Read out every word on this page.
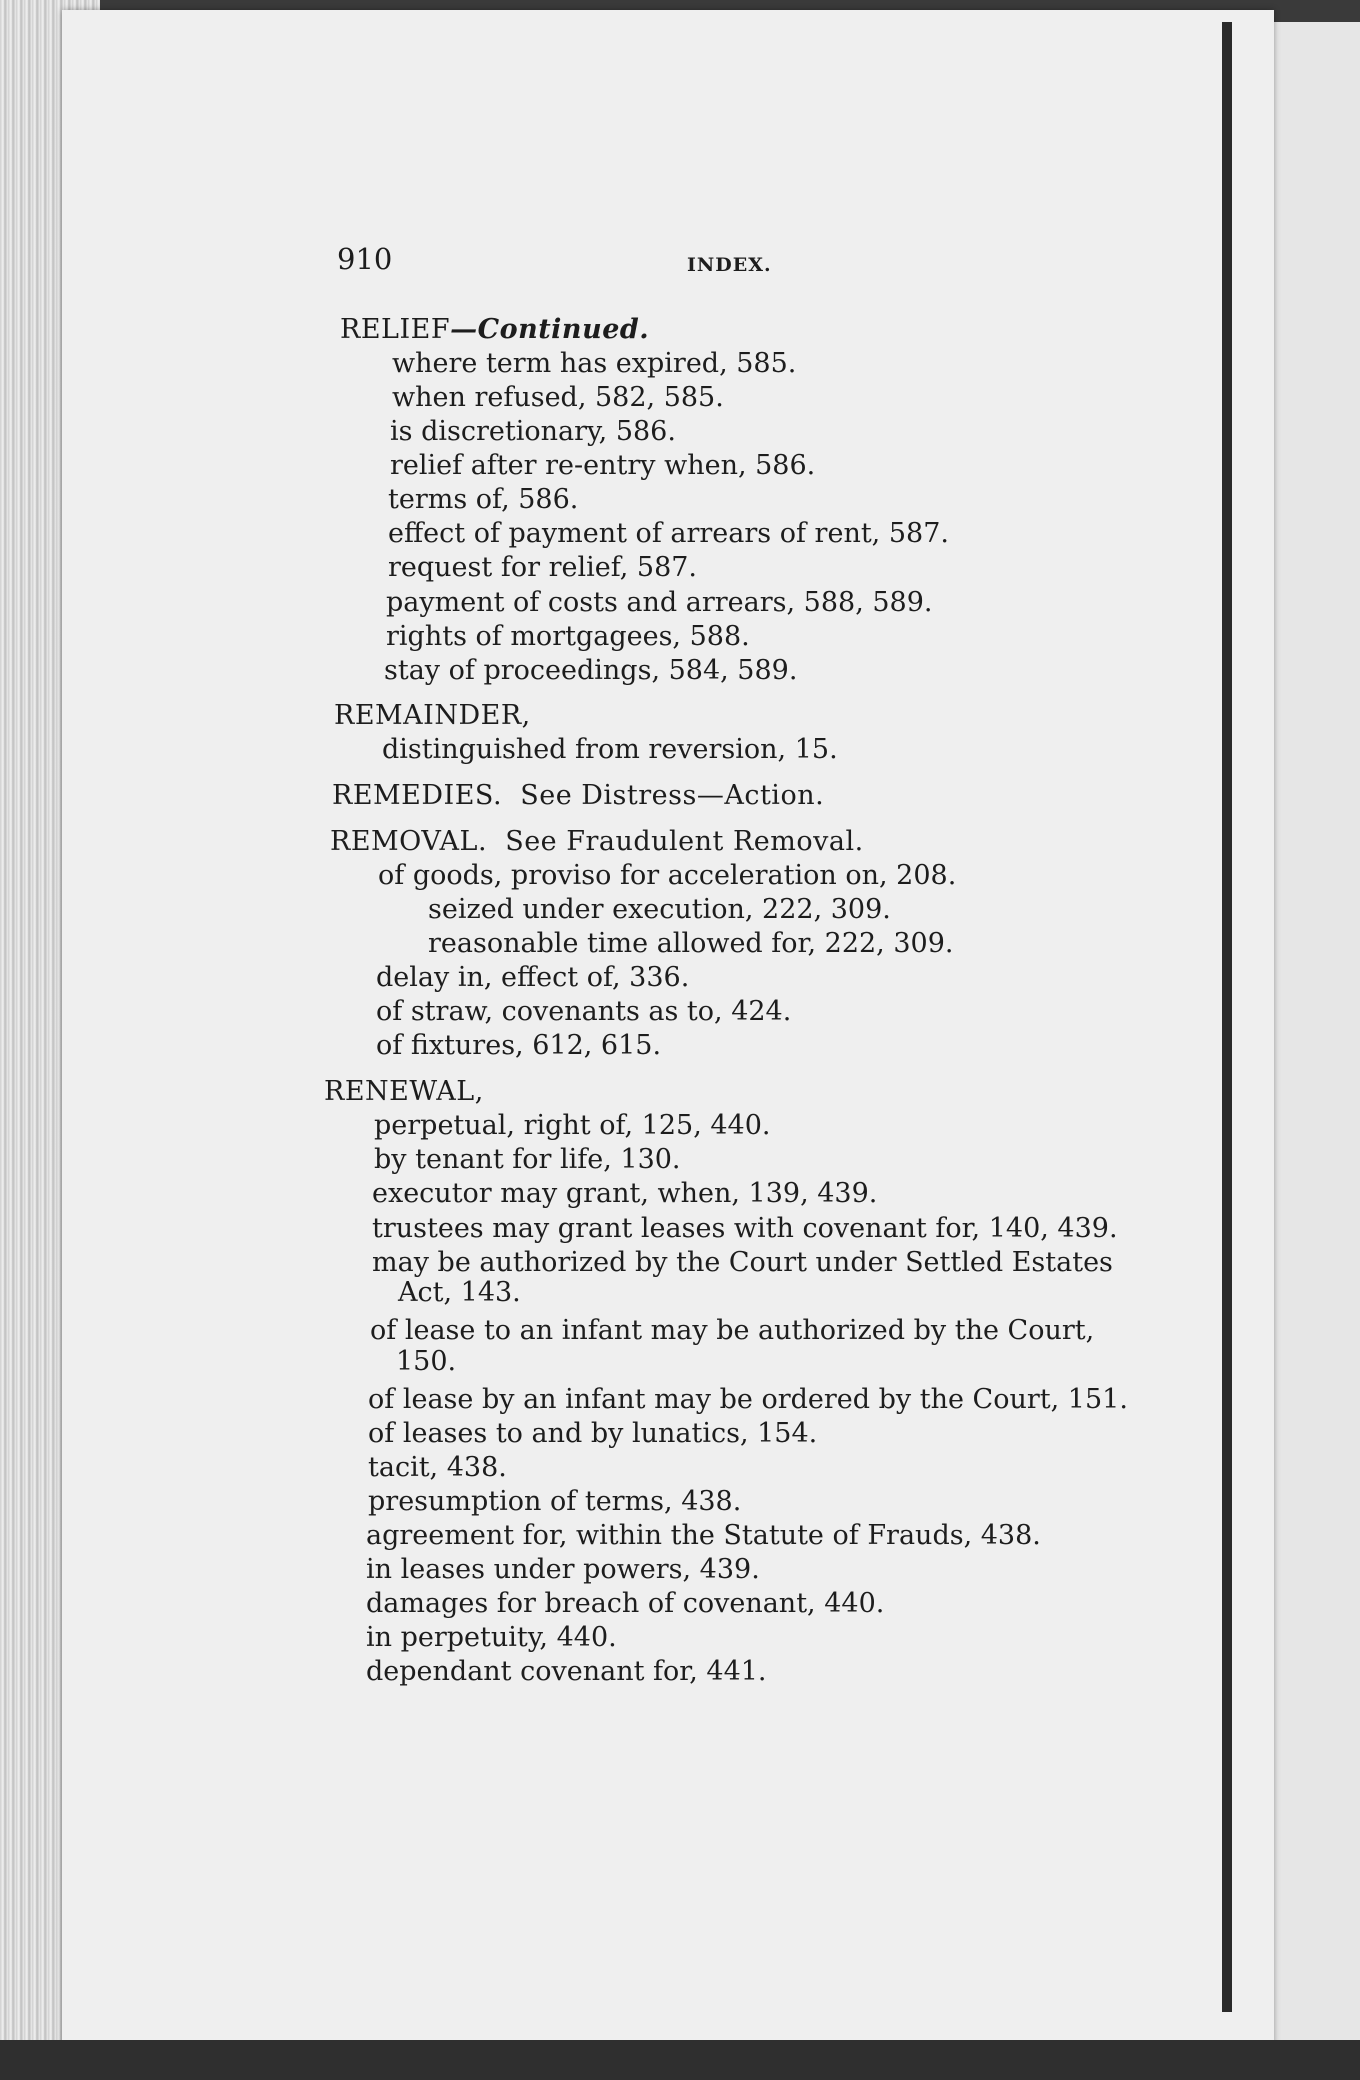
910	INDEX.
RELIEF—Continued.
where term has expired, 585.
when refused, 582, 585.
is discretionary, 586.
relief after re-entry when, 586.
terms of, 586.
effect of payment of arrears of rent, 587.
request for relief, 587.
payment of costs and arrears, 588, 589.
rights of mortgagees, 588.
stay of proceedings, 584, 589.
REMAINDER,
distinguished from reversion, 15.
REMEDIES. See Distress—Action.
REMOVAL. See Fraudulent Removal.
of goods, proviso for acceleration on, 208.
seized under execution, 222, 309.
reasonable time allowed for, 222, 309.
delay in, effect of, 336.
of straw, covenants as to, 424.
of fixtures, 612, 615.
RENEWAL,
perpetual, right of, 125, 440.
by tenant for life, 130.
executor may grant, when, 139, 439.
trustees may grant leases with covenant for, 140, 439.
may be authorized by the Court under Settled Estates
Act, 143.
of lease to an infant may be authorized by the Court,
150.
of lease by an infant may be ordered by the Court, 151.
of leases to and by lunatics, 154.
tacit, 438.
presumption of terms, 438.
agreement for, within the Statute of Frauds, 438.
in leases under powers, 439.
damages for breach of covenant, 440.
in perpetuity, 440.
dependant covenant for, 441.
